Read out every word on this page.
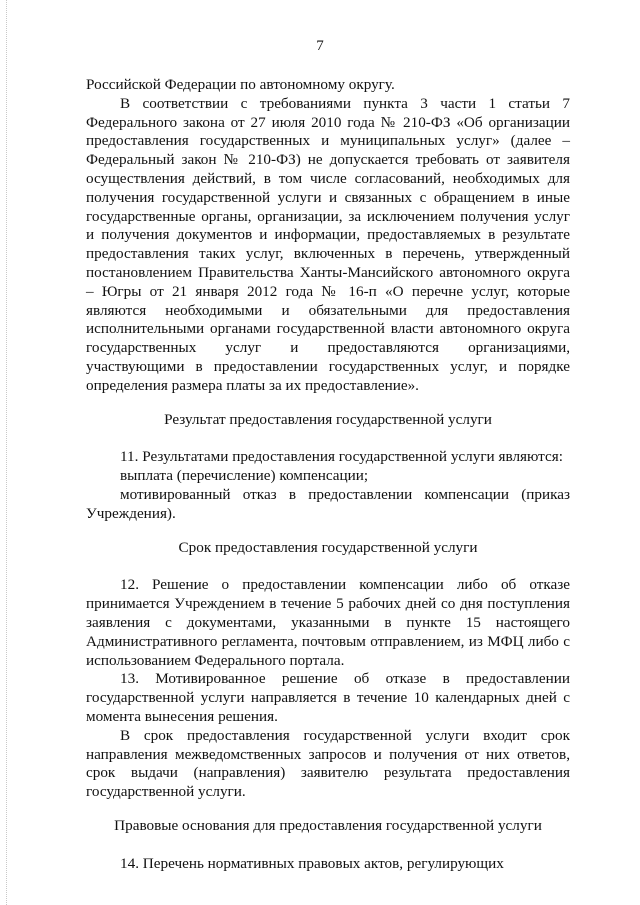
7

Российской Федерации по автономному округу.

В соответствии с требованиями пункта 3 части 1 статьи 7 Федерального закона от 27 июля 2010 года № 210-ФЗ «Об организации предоставления государственных и муниципальных услуг» (далее – Федеральный закон № 210-ФЗ) не допускается требовать от заявителя осуществления действий, в том числе согласований, необходимых для получения государственной услуги и связанных с обращением в иные государственные органы, организации, за исключением получения услуг и получения документов и информации, предоставляемых в результате предоставления таких услуг, включенных в перечень, утвержденный постановлением Правительства Ханты-Мансийского автономного округа – Югры от 21 января 2012 года № 16-п «О перечне услуг, которые являются необходимыми и обязательными для предоставления исполнительными органами государственной власти автономного округа государственных услуг и предоставляются организациями, участвующими в предоставлении государственных услуг, и порядке определения размера платы за их предоставление».

Результат предоставления государственной услуги

11. Результатами предоставления государственной услуги являются:

выплата (перечисление) компенсации;

мотивированный отказ в предоставлении компенсации (приказ Учреждения).

Срок предоставления государственной услуги

12. Решение о предоставлении компенсации либо об отказе принимается Учреждением в течение 5 рабочих дней со дня поступления заявления с документами, указанными в пункте 15 настоящего Административного регламента, почтовым отправлением, из МФЦ либо с использованием Федерального портала.

13. Мотивированное решение об отказе в предоставлении государственной услуги направляется в течение 10 календарных дней с момента вынесения решения.

В срок предоставления государственной услуги входит срок направления межведомственных запросов и получения от них ответов, срок выдачи (направления) заявителю результата предоставления государственной услуги.

Правовые основания для предоставления государственной услуги

14. Перечень нормативных правовых актов, регулирующих
